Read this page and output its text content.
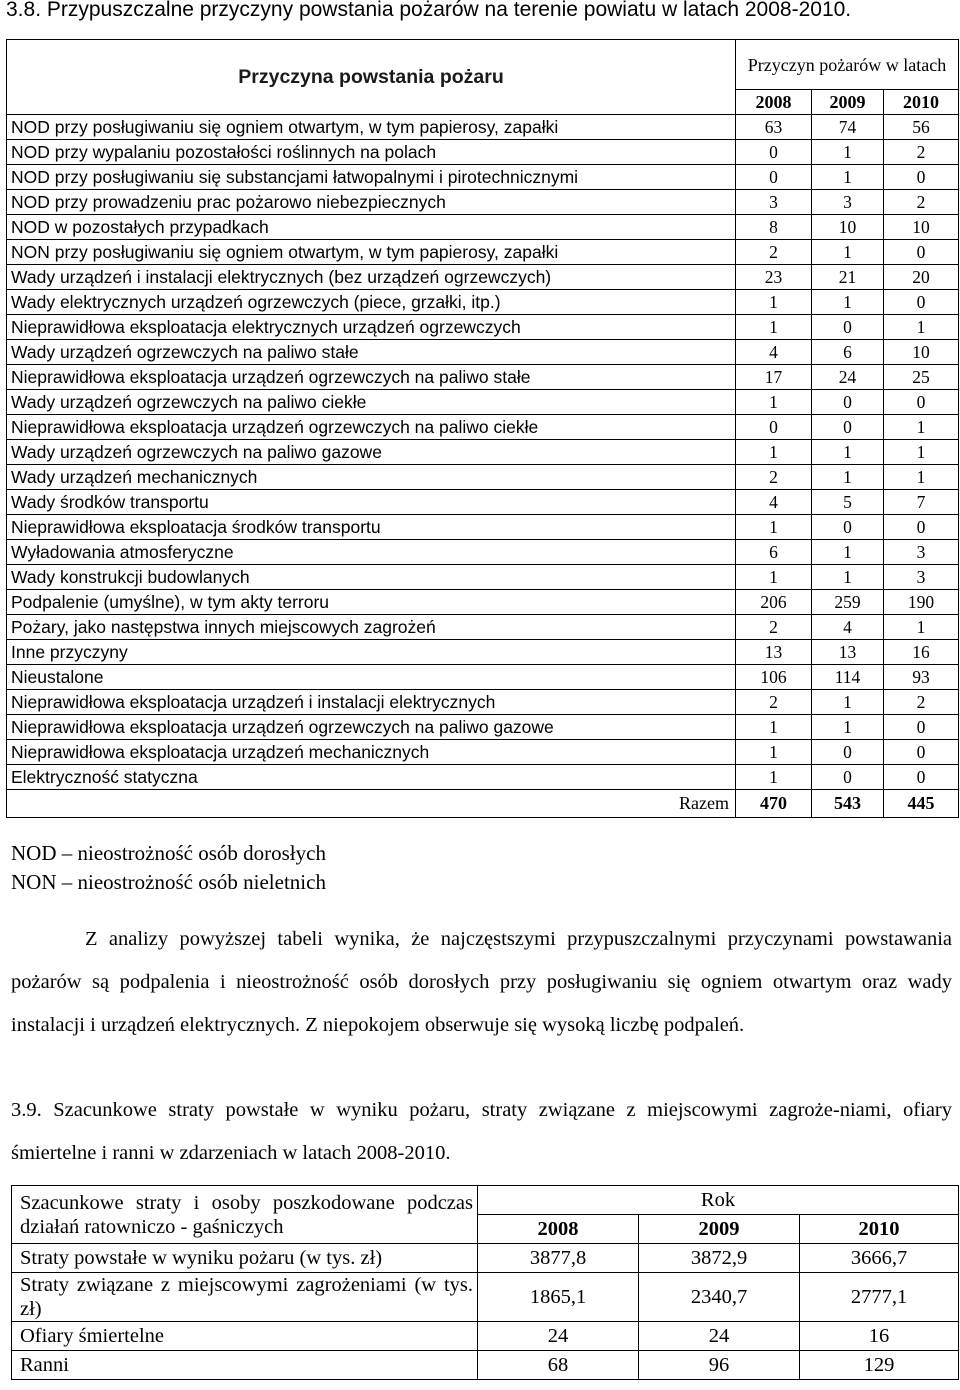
3.8. Przypuszczalne przyczyny powstania pożarów na terenie powiatu w latach 2008-2010.
Przyczyna powstania pożaru	Przyczyn pożarów w latach		
	2008	2009	2010
NOD przy posługiwaniu się ogniem otwartym, w tym papierosy, zapałki	63	74	56
NOD przy wypalaniu pozostałości roślinnych na polach	0	1	2
NOD przy posługiwaniu się substancjami łatwopalnymi i pirotechnicznymi	0	1	0
NOD przy prowadzeniu prac pożarowo niebezpiecznych	3	3	2
NOD w pozostałych przypadkach	8	10	10
NON przy posługiwaniu się ogniem otwartym, w tym papierosy, zapałki	2	1	0
Wady urządzeń i instalacji elektrycznych (bez urządzeń ogrzewczych)	23	21	20
Wady elektrycznych urządzeń ogrzewczych (piece, grzałki, itp.)	1	1	0
Nieprawidłowa eksploatacja elektrycznych urządzeń ogrzewczych	1	0	1
Wady urządzeń ogrzewczych na paliwo stałe	4	6	10
Nieprawidłowa eksploatacja urządzeń ogrzewczych na paliwo stałe	17	24	25
Wady urządzeń ogrzewczych na paliwo ciekłe	1	0	0
Nieprawidłowa eksploatacja urządzeń ogrzewczych na paliwo ciekłe	0	0	1
Wady urządzeń ogrzewczych na paliwo gazowe	1	1	1
Wady urządzeń mechanicznych	2	1	1
Wady środków transportu	4	5	7
Nieprawidłowa eksploatacja środków transportu	1	0	0
Wyładowania atmosferyczne	6	1	3
Wady konstrukcji budowlanych	1	1	3
Podpalenie (umyślne), w tym akty terroru	206	259	190
Pożary, jako następstwa innych miejscowych zagrożeń	2	4	1
Inne przyczyny	13	13	16
Nieustalone	106	114	93
Nieprawidłowa eksploatacja urządzeń i instalacji elektrycznych	2	1	2
Nieprawidłowa eksploatacja urządzeń ogrzewczych na paliwo gazowe	1	1	0
Nieprawidłowa eksploatacja urządzeń mechanicznych	1	0	0
Elektryczność statyczna	1	0	0
Razem	470	543	445
NOD – nieostrożność osób dorosłych
NON – nieostrożność osób nieletnich
Z analizy powyższej tabeli wynika, że najczęstszymi przypuszczalnymi przyczynami powstawania pożarów są podpalenia i nieostrożność osób dorosłych przy posługiwaniu się ogniem otwartym oraz wady instalacji i urządzeń elektrycznych. Z niepokojem obserwuje się wysoką liczbę podpaleń.
3.9. Szacunkowe straty powstałe w wyniku pożaru, straty związane z miejscowymi zagroże-niami, ofiary śmiertelne i ranni w zdarzeniach w latach 2008-2010.
Szacunkowe straty i osoby poszkodowane podczas działań ratowniczo - gaśniczych	Rok		
	2008	2009	2010
Straty powstałe w wyniku pożaru (w tys. zł)	3877,8	3872,9	3666,7
Straty związane z miejscowymi zagrożeniami (w tys. zł)	1865,1	2340,7	2777,1
Ofiary śmiertelne	24	24	16
Ranni	68	96	129
